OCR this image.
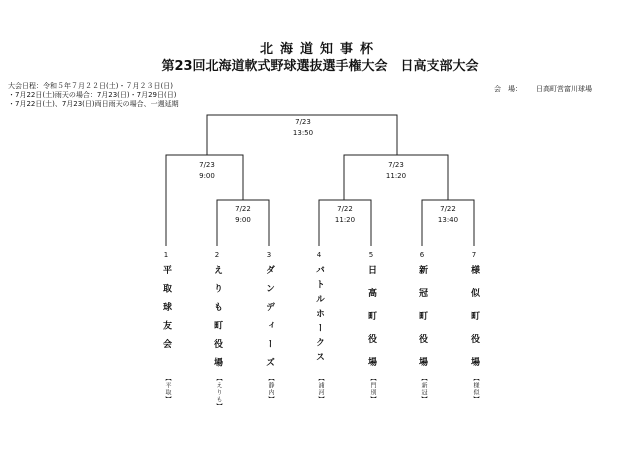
北海道知事杯
第23回北海道軟式野球選抜選手権大会　日高支部大会
大会日程：令和５年７月２２日(土)・７月２３日(日)
・7月22日(土)雨天の場合：7月23(日)・7月29日(日)
・7月22日(土)、7月23(日)両日雨天の場合、一週延期
会　場： 日高町営富川球場
7/23
13:50
7/23
9:00
7/23
11:20
7/22
9:00
7/22
11:20
7/22
13:40
1
平取球友会
【平取】
2
えりも町役場
【えりも】
3
ダンディーズ
【静内】
4
バトルホークス
【浦河】
5
日高町役場
【門別】
6
新冠町役場
【新冠】
7
様似町役場
【様似】
